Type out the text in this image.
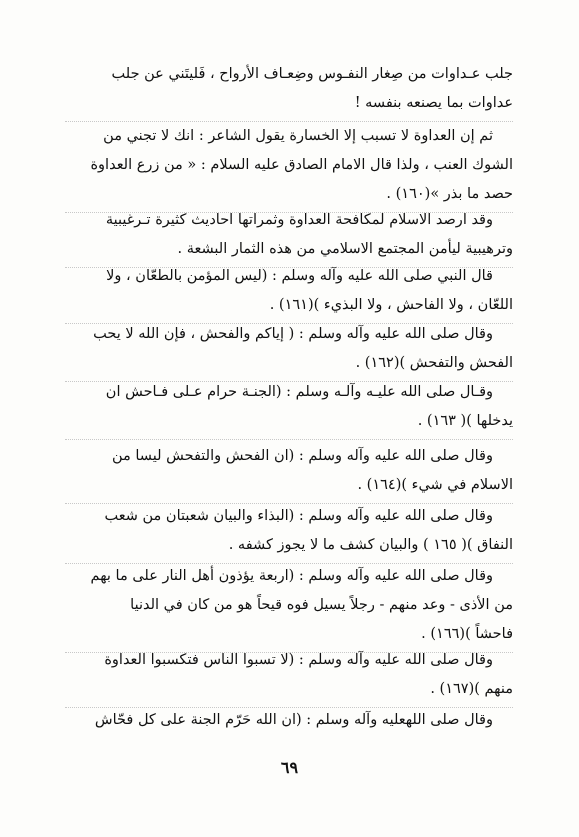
جلب عـداوات من صِغار النفـوس وضِعـاف الأرواح ، فَليتَني عن جلب
عداوات بما يصنعه بنفسه !
ثم إن العداوة لا تسبب إلا الخسارة يقول الشاعر : انك لا تجني من
الشوك العنب ، ولذا قال الامام الصادق عليه السلام : « من زرع العداوة
حصد ما بذر »(١٦٠) .
وقد ارصد الاسلام لمكافحة العداوة وثمراتها احاديث كثيرة تـرغيبية
وترهيبية ليأمن المجتمع الاسلامي من هذه الثمار البشعة .
قال النبي صلى الله عليه وآله وسلم : (ليس المؤمن بالطعّان ، ولا
اللعّان ، ولا الفاحش ، ولا البذيء )(١٦١) .
وقال صلى الله عليه وآله وسلم : ( إياكم والفحش ، فإن الله لا يحب
الفحش والتفحش )(١٦٢) .
وقـال صلى الله عليـه وآلـه وسلم : (الجنـة حرام عـلى فـاحش ان
يدخلها )( ١٦٣) .
وقال صلى الله عليه وآله وسلم : (ان الفحش والتفحش ليسا من
الاسلام في شيء )(١٦٤) .
وقال صلى الله عليه وآله وسلم : (البذاء والبيان شعبتان من شعب
النفاق )( ١٦٥ ) والبيان كشف ما لا يجوز كشفه .
وقال صلى الله عليه وآله وسلم : (اربعة يؤذون أهل النار على ما بهم
من الأذى - وعد منهم - رجلاً يسيل فوه قيحاً هو من كان في الدنيا
فاحشاً )(١٦٦) .
وقال صلى الله عليه وآله وسلم : (لا تسبوا الناس فتكسبوا العداوة
منهم )(١٦٧) .
وقال صلى اللهعليه وآله وسلم : (ان الله حَرّم الجنة على كل فحّاش
٦٩
